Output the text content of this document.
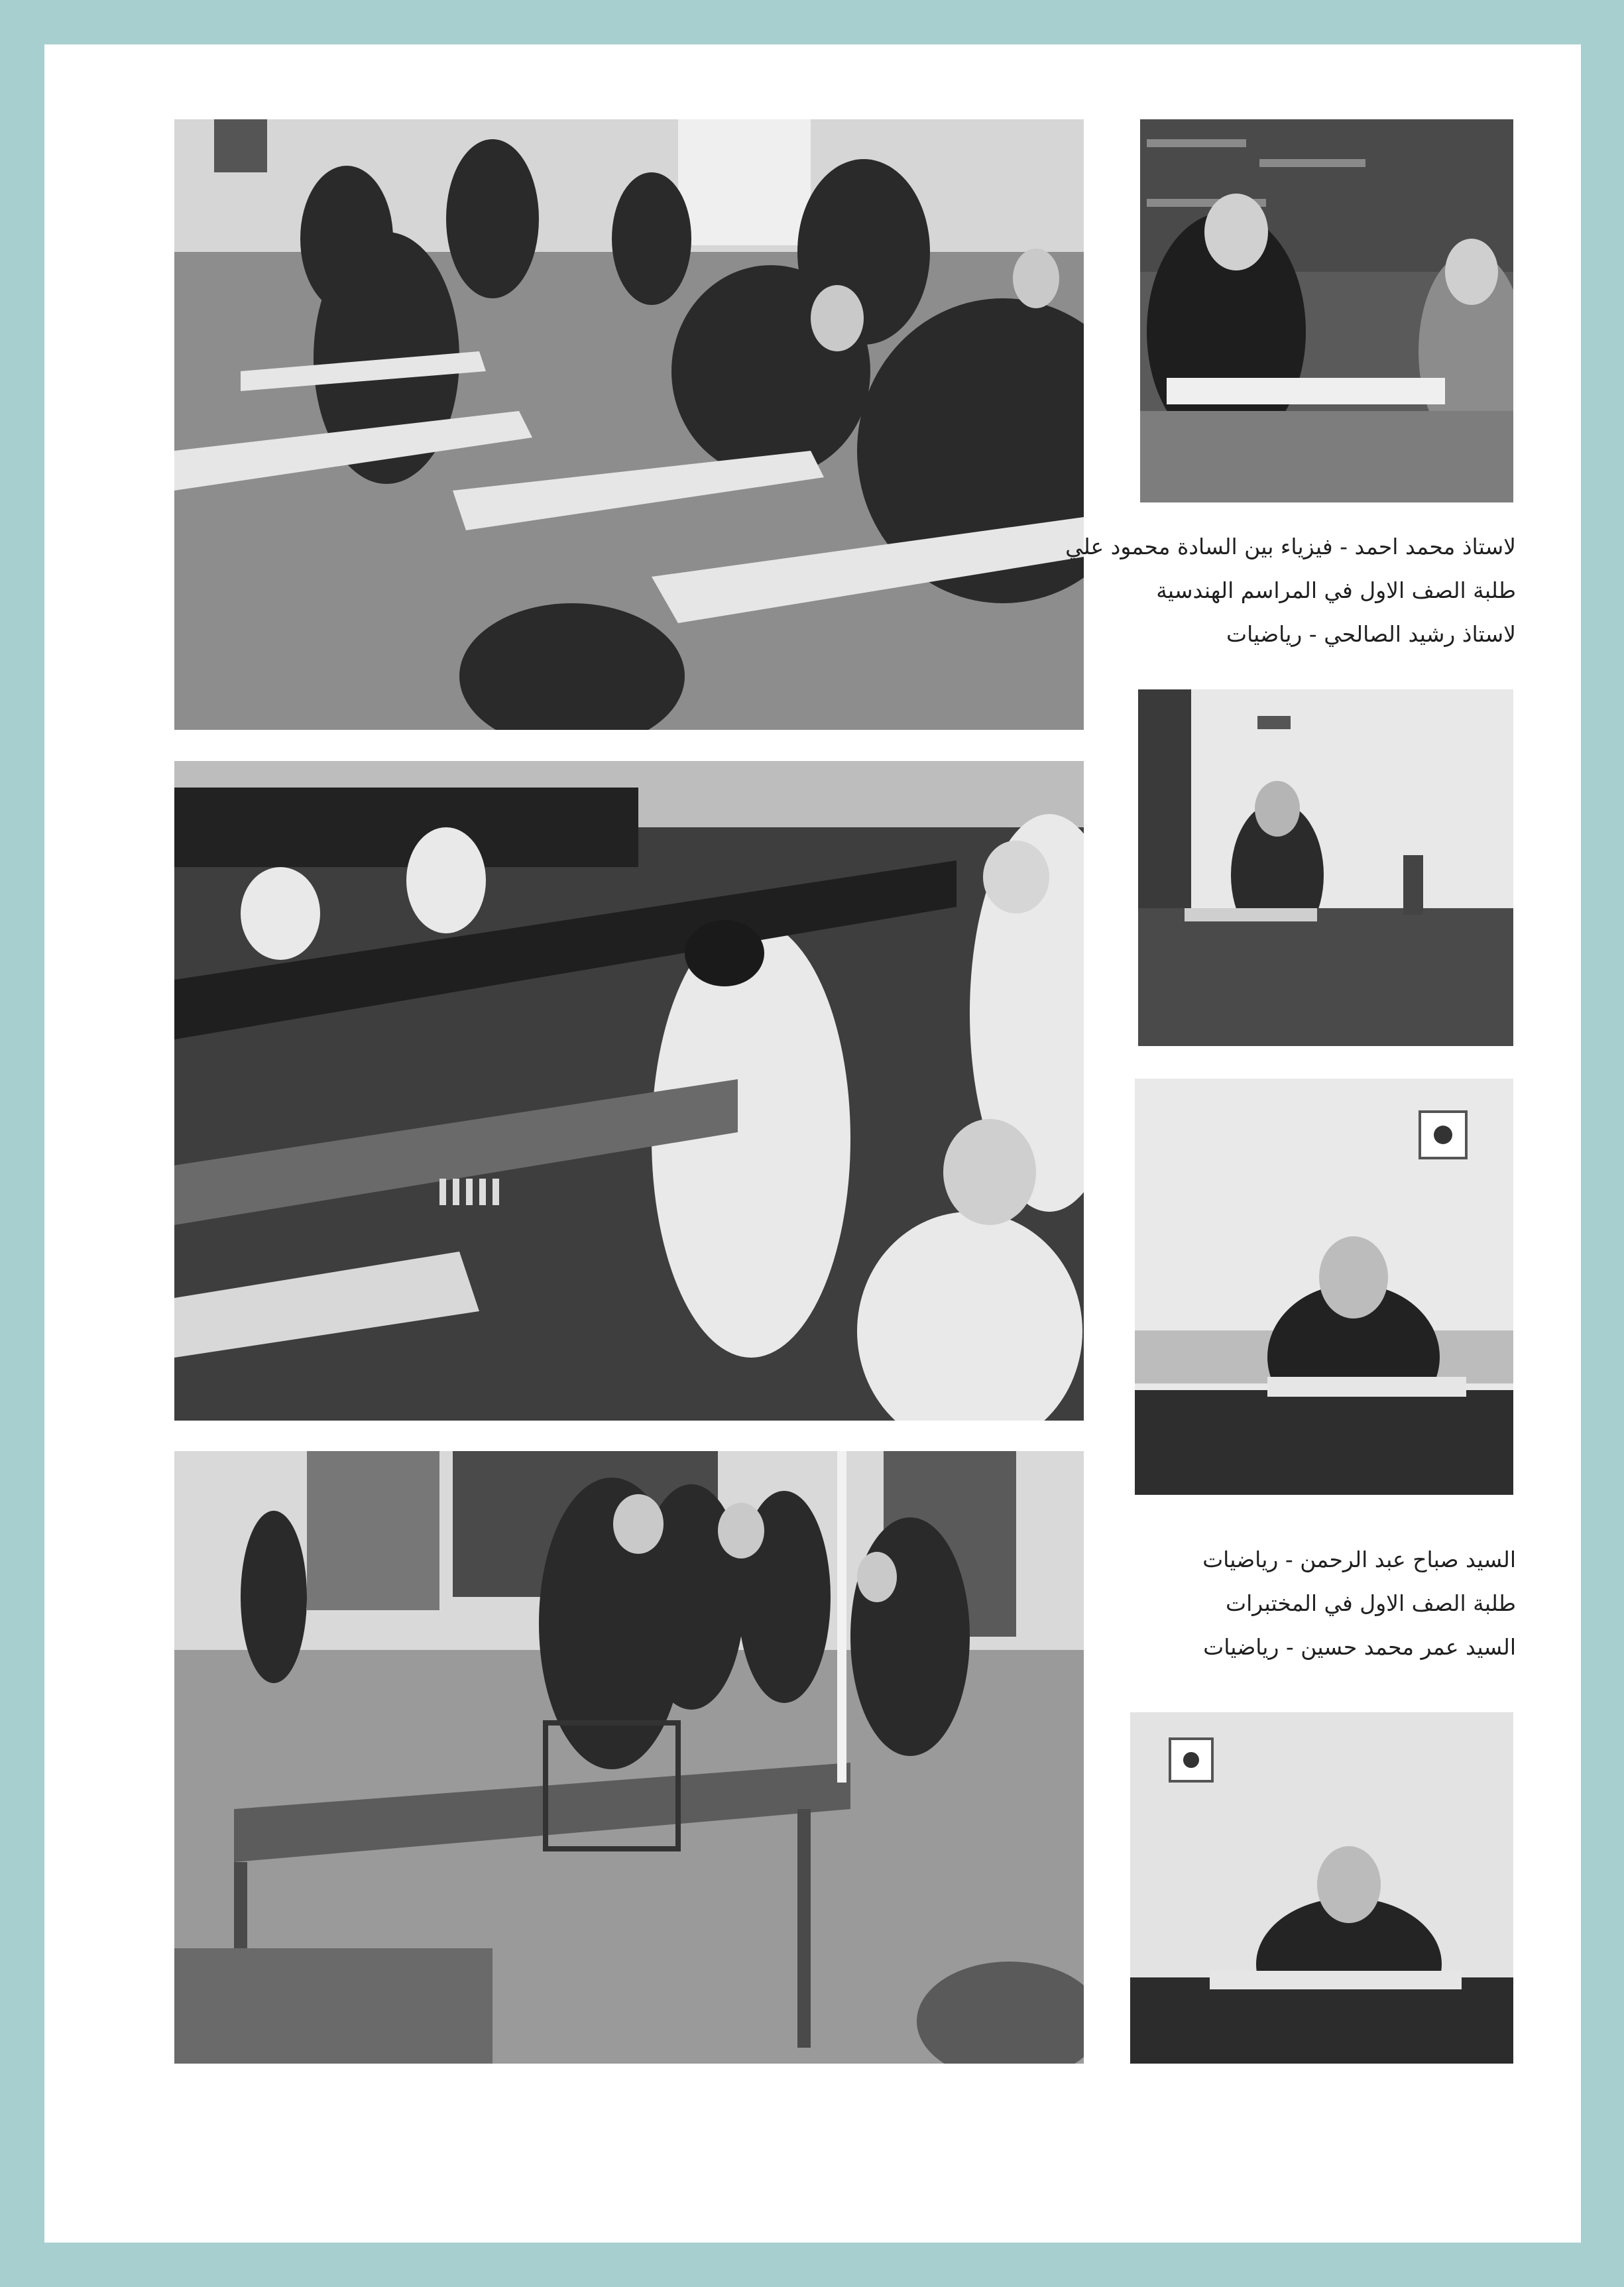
لاستاذ محمد احمد - فيزياء بين السادة محمود علي
طلبة الصف الاول في المراسم الهندسية
لاستاذ رشيد الصالحي - رياضيات
السيد صباح عبد الرحمن - رياضيات
طلبة الصف الاول في المختبرات
السيد عمر محمد حسين - رياضيات
